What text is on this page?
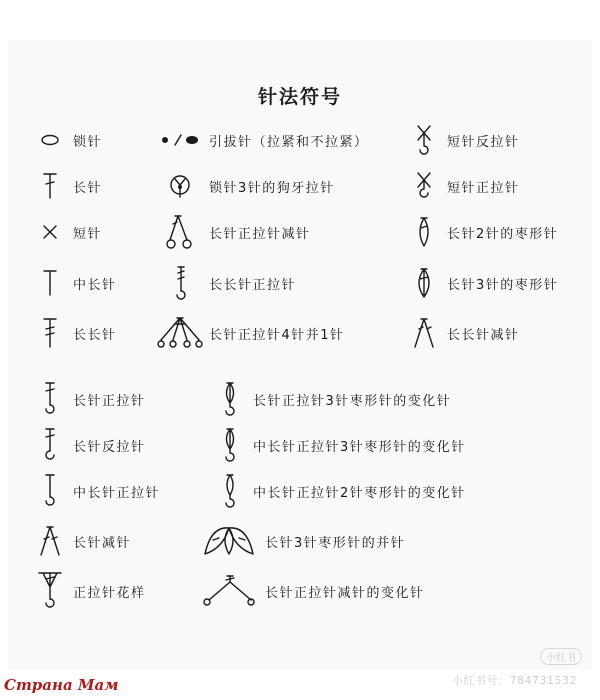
针法符号
锁针	引拔针（拉紧和不拉紧）	短针反拉针
长针	锁针3针的狗牙拉针	短针正拉针
短针	长针正拉针减针	长针2针的枣形针
中长针	长长针正拉针	长针3针的枣形针
长长针	长针正拉针4针并1针	长长针减针
长针正拉针	长针正拉针3针枣形针的变化针
长针反拉针	中长针正拉针3针枣形针的变化针
中长针正拉针	中长针正拉针2针枣形针的变化针
长针减针	长针3针枣形针的并针
正拉针花样	长针正拉针减针的变化针
小红书
Страна Мам	小红书号：784731532
